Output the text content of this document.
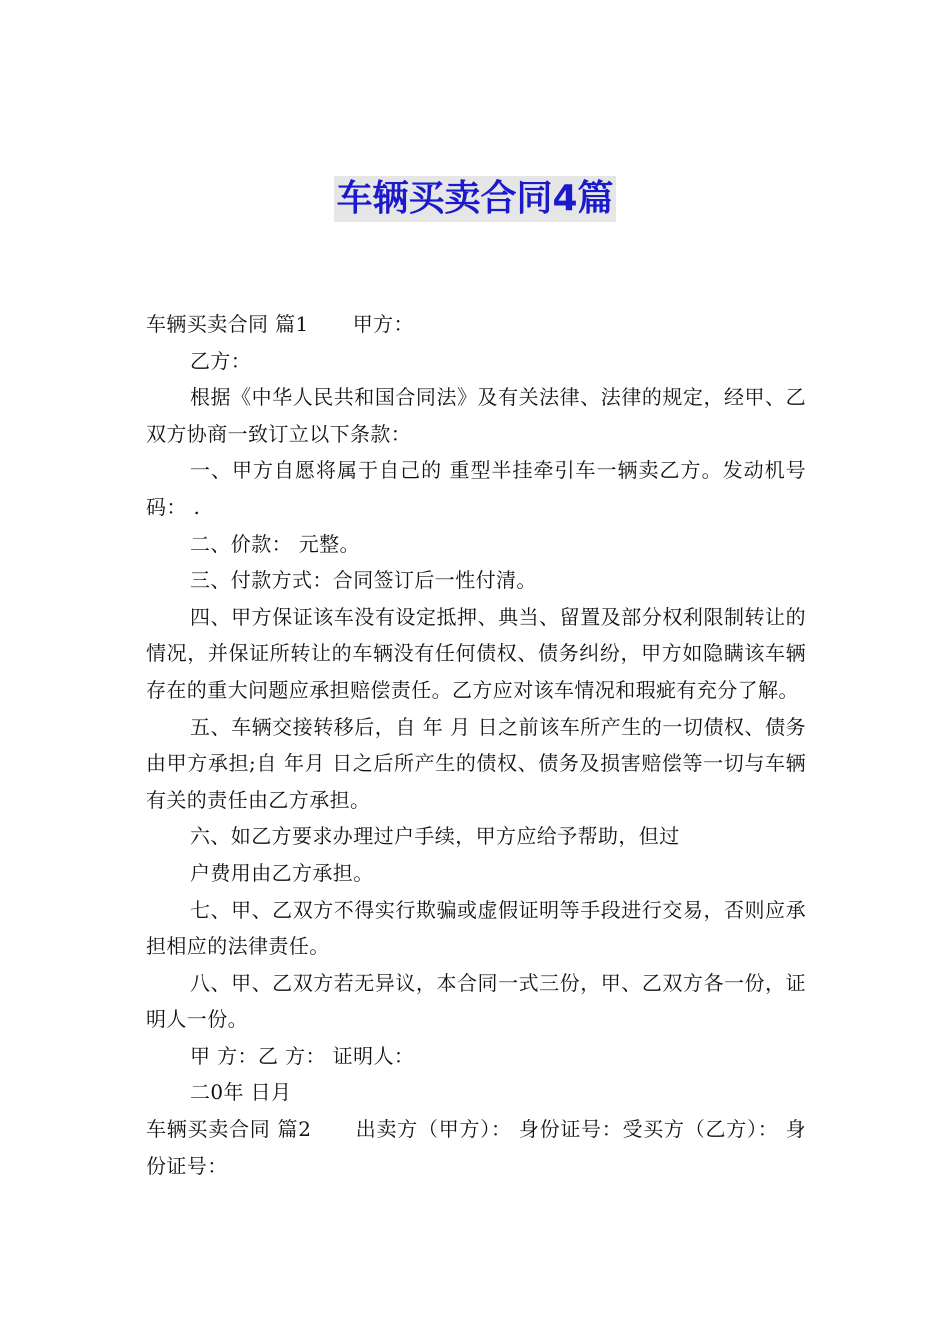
车辆买卖合同4篇

车辆买卖合同 篇1 甲方：

乙方：

根据《中华人民共和国合同法》及有关法律、法律的规定，经甲、乙双方协商一致订立以下条款：

一、甲方自愿将属于自己的 重型半挂牵引车一辆卖乙方。发动机号码： .

二、价款： 元整。

三、付款方式：合同签订后一性付清。

四、甲方保证该车没有设定抵押、典当、留置及部分权利限制转让的情况，并保证所转让的车辆没有任何债权、债务纠纷，甲方如隐瞒该车辆存在的重大问题应承担赔偿责任。乙方应对该车情况和瑕疵有充分了解。

五、车辆交接转移后，自 年 月 日之前该车所产生的一切债权、债务由甲方承担;自 年月 日之后所产生的债权、债务及损害赔偿等一切与车辆有关的责任由乙方承担。

六、如乙方要求办理过户手续，甲方应给予帮助，但过

户费用由乙方承担。

七、甲、乙双方不得实行欺骗或虚假证明等手段进行交易，否则应承担相应的法律责任。

八、甲、乙双方若无异议，本合同一式三份，甲、乙双方各一份，证明人一份。

甲 方：乙 方： 证明人：

二0年 日月

车辆买卖合同 篇2 出卖方（甲方）： 身份证号：受买方（乙方）： 身份证号：
